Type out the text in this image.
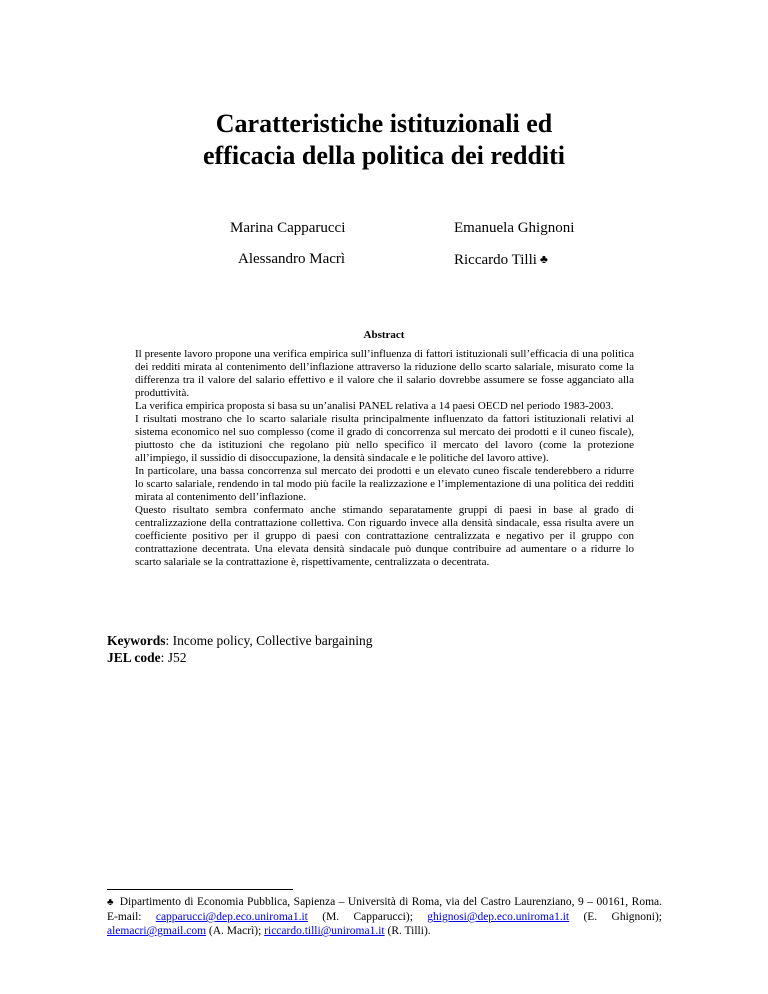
Caratteristiche istituzionali ed
efficacia della politica dei redditi
Marina Capparucci	Emanuela Ghignoni
Alessandro Macrì	Riccardo Tilli ♣
Abstract

Il presente lavoro propone una verifica empirica sull’influenza di fattori istituzionali sull’efficacia di una politica dei redditi mirata al contenimento dell’inflazione attraverso la riduzione dello scarto salariale, misurato come la differenza tra il valore del salario effettivo e il valore che il salario dovrebbe assumere se fosse agganciato alla produttività.

La verifica empirica proposta si basa su un’analisi PANEL relativa a 14 paesi OECD nel periodo 1983-2003.

I risultati mostrano che lo scarto salariale risulta principalmente influenzato da fattori istituzionali relativi al sistema economico nel suo complesso (come il grado di concorrenza sul mercato dei prodotti e il cuneo fiscale), piuttosto che da istituzioni che regolano più nello specifico il mercato del lavoro (come la protezione all’impiego, il sussidio di disoccupazione, la densità sindacale e le politiche del lavoro attive).

In particolare, una bassa concorrenza sul mercato dei prodotti e un elevato cuneo fiscale tenderebbero a ridurre lo scarto salariale, rendendo in tal modo più facile la realizzazione e l’implementazione di una politica dei redditi mirata al contenimento dell’inflazione.

Questo risultato sembra confermato anche stimando separatamente gruppi di paesi in base al grado di centralizzazione della contrattazione collettiva. Con riguardo invece alla densità sindacale, essa risulta avere un coefficiente positivo per il gruppo di paesi con contrattazione centralizzata e negativo per il gruppo con contrattazione decentrata. Una elevata densità sindacale può dunque contribuire ad aumentare o a ridurre lo scarto salariale se la contrattazione è, rispettivamente, centralizzata o decentrata.

Keywords: Income policy, Collective bargaining
JEL code: J52

♣ Dipartimento di Economia Pubblica, Sapienza – Università di Roma, via del Castro Laurenziano, 9 – 00161, Roma. E-mail: capparucci@dep.eco.uniroma1.it (M. Capparucci); ghignosi@dep.eco.uniroma1.it (E. Ghignoni); alemacri@gmail.com (A. Macrì); riccardo.tilli@uniroma1.it (R. Tilli).
